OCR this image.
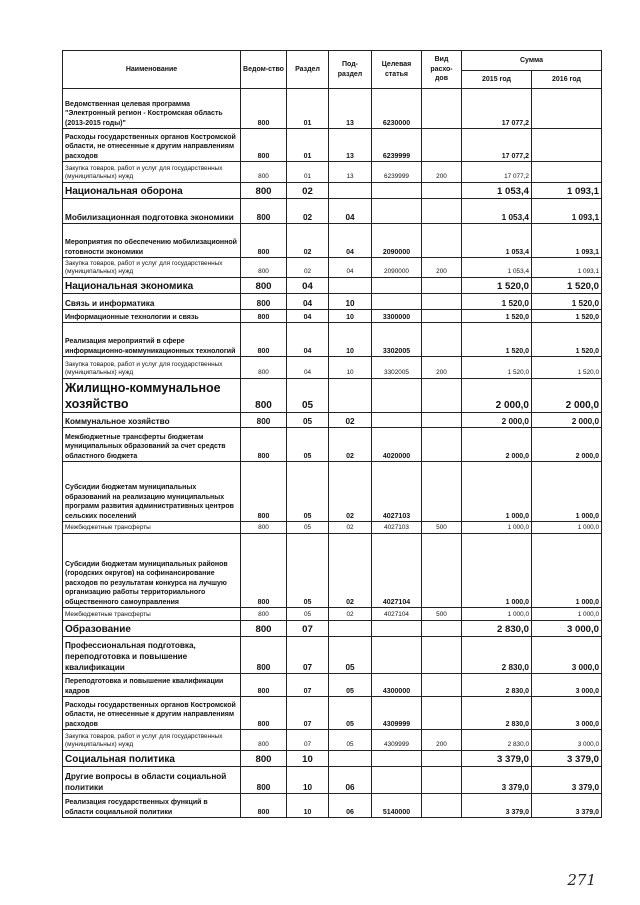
Наименование	Ведом-ство	Раздел	Под-раздел	Целевая статья	Вид расхо-дов	Сумма	
						2015 год	2016 год
Ведомственная целевая программа "Электронный регион - Костромская область (2013-2015 годы)"	800	01	13	6230000		17 077,2	
Расходы государственных органов Костромской области, не отнесенные к другим направлениям расходов	800	01	13	6239999		17 077,2	
Закупка товаров, работ и услуг для государственных (муниципальных) нужд	800	01	13	6239999	200	17 077,2	
Национальная оборона	800	02				1 053,4	1 093,1
Мобилизационная подготовка экономики	800	02	04			1 053,4	1 093,1
Мероприятия по обеспечению мобилизационной готовности экономики	800	02	04	2090000		1 053,4	1 093,1
Закупка товаров, работ и услуг для государственных (муниципальных) нужд	800	02	04	2090000	200	1 053,4	1 093,1
Национальная экономика	800	04				1 520,0	1 520,0
Связь и информатика	800	04	10			1 520,0	1 520,0
Информационные технологии и связь	800	04	10	3300000		1 520,0	1 520,0
Реализация мероприятий в сфере информационно-коммуникационных технологий	800	04	10	3302005		1 520,0	1 520,0
Закупка товаров, работ и услуг для государственных (муниципальных) нужд	800	04	10	3302005	200	1 520,0	1 520,0
Жилищно-коммунальное хозяйство	800	05				2 000,0	2 000,0
Коммунальное хозяйство	800	05	02			2 000,0	2 000,0
Межбюджетные трансферты бюджетам муниципальных образований за счет средств областного бюджета	800	05	02	4020000		2 000,0	2 000,0
Субсидии бюджетам муниципальных образований на реализацию муниципальных программ развития административных центров сельских поселений	800	05	02	4027103		1 000,0	1 000,0
Межбюджетные трансферты	800	05	02	4027103	500	1 000,0	1 000,0
Субсидии бюджетам муниципальных районов (городских округов) на софинансирование расходов по результатам конкурса на лучшую организацию работы территориального общественного самоуправления	800	05	02	4027104		1 000,0	1 000,0
Межбюджетные трансферты	800	05	02	4027104	500	1 000,0	1 000,0
Образование	800	07				2 830,0	3 000,0
Профессиональная подготовка, переподготовка и повышение квалификации	800	07	05			2 830,0	3 000,0
Переподготовка и повышение квалификации кадров	800	07	05	4300000		2 830,0	3 000,0
Расходы государственных органов Костромской области, не отнесенные к другим направлениям расходов	800	07	05	4309999		2 830,0	3 000,0
Закупка товаров, работ и услуг для государственных (муниципальных) нужд	800	07	05	4309999	200	2 830,0	3 000,0
Социальная политика	800	10				3 379,0	3 379,0
Другие вопросы в области социальной политики	800	10	06			3 379,0	3 379,0
Реализация государственных функций в области социальной политики	800	10	06	5140000		3 379,0	3 379,0
271
